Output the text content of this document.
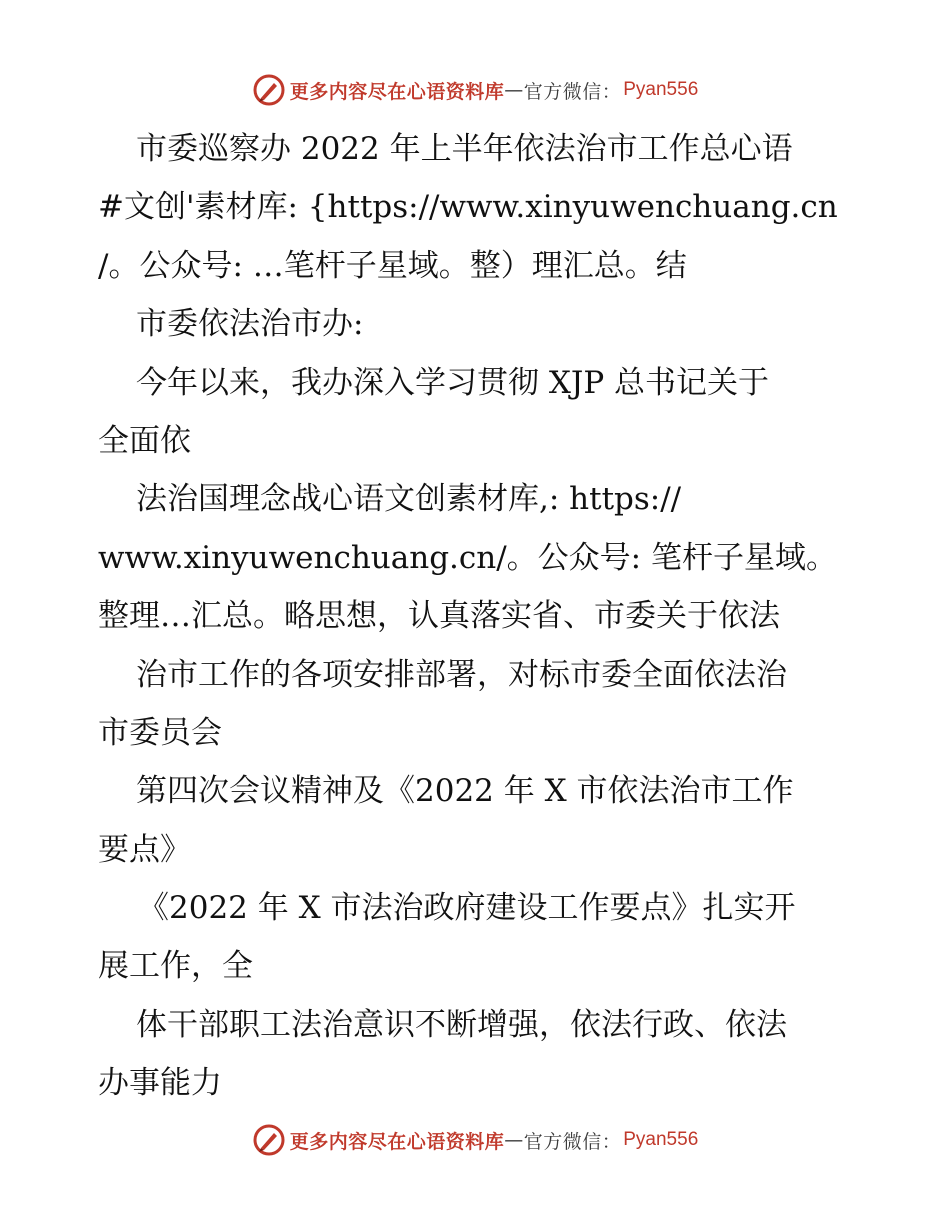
更多内容尽在心语资料库 — 官方微信： Pyan556
市委巡察办 2022 年上半年依法治市工作总心语
#文创'素材库: {https://www.xinyuwenchuang.cn
/。公众号: …笔杆子星域。整）理汇总。结
市委依法治市办:
今年以来，我办深入学习贯彻 XJP 总书记关于
全面依
法治国理念战心语文创素材库,: https://
www.xinyuwenchuang.cn/。公众号: 笔杆子星域。
整理…汇总。略思想，认真落实省、市委关于依法
治市工作的各项安排部署，对标市委全面依法治
市委员会
第四次会议精神及《2022 年 X 市依法治市工作
要点》
《2022 年 X 市法治政府建设工作要点》扎实开
展工作，全
体干部职工法治意识不断增强，依法行政、依法
办事能力
更多内容尽在心语资料库 — 官方微信： Pyan556
